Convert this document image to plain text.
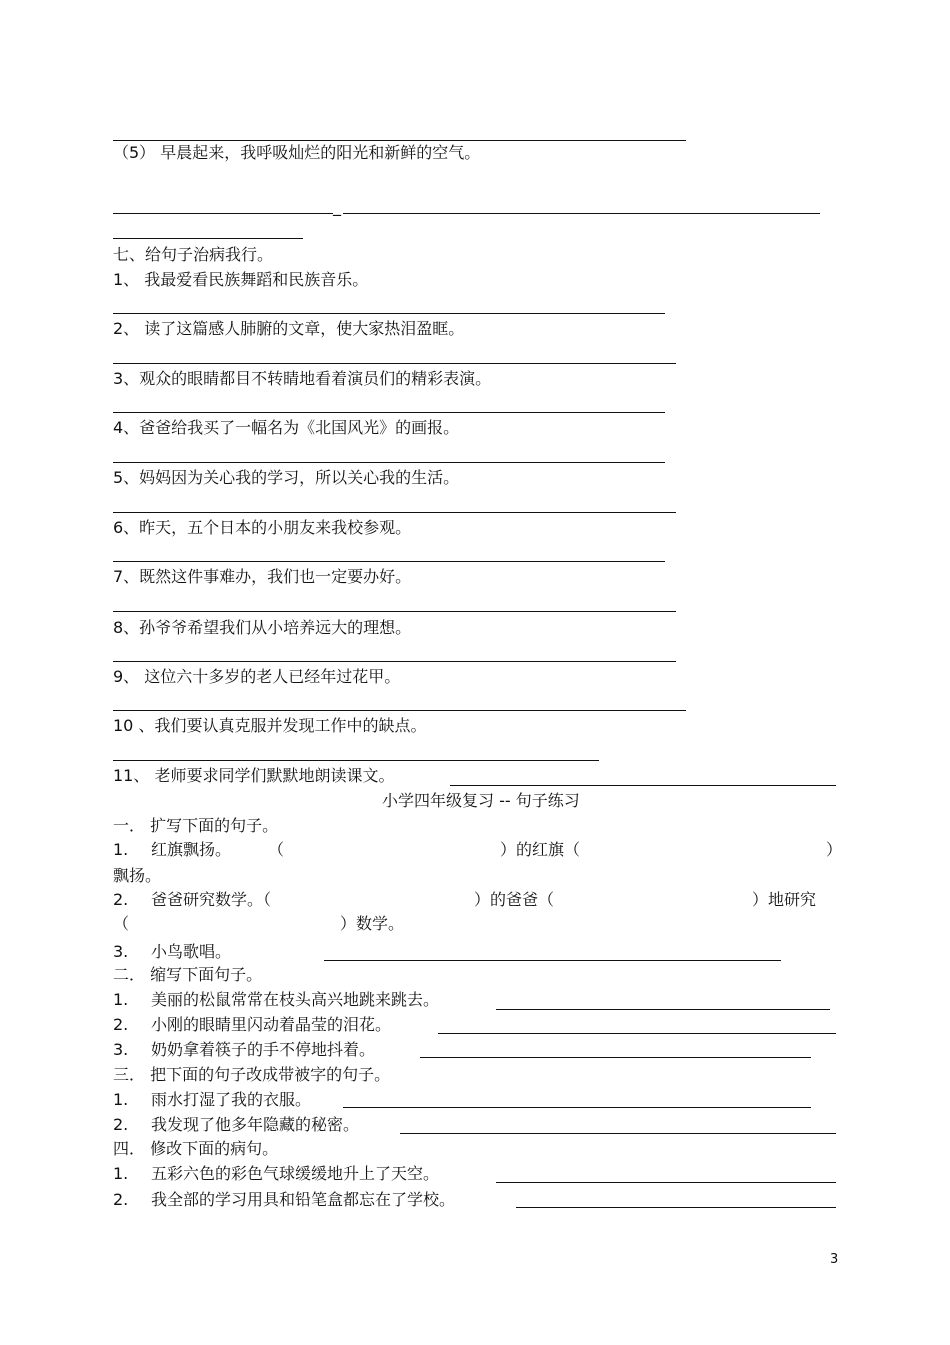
（5） 早晨起来，我呼吸灿烂的阳光和新鲜的空气。
_
七、给句子治病我行。
1、 我最爱看民族舞蹈和民族音乐。
2、 读了这篇感人肺腑的文章，使大家热泪盈眶。
3、观众的眼睛都目不转睛地看着演员们的精彩表演。
4、爸爸给我买了一幅名为《北国风光》的画报。
5、妈妈因为关心我的学习，所以关心我的生活。
6、昨天，五个日本的小朋友来我校参观。
7、既然这件事难办，我们也一定要办好。
8、孙爷爷希望我们从小培养远大的理想。
9、 这位六十多岁的老人已经年过花甲。
10 、我们要认真克服并发现工作中的缺点。
11、 老师要求同学们默默地朗读课文。
小学四年级复习 -- 句子练习
一． 扩写下面的句子。
1. 红旗飘扬。 （	）的红旗（	）
飘扬。
2. 爸爸研究数学。（	）的爸爸（	）地研究
（	）数学。
3. 小鸟歌唱。
二． 缩写下面句子。
1. 美丽的松鼠常常在枝头高兴地跳来跳去。
2. 小刚的眼睛里闪动着晶莹的泪花。
3. 奶奶拿着筷子的手不停地抖着。
三． 把下面的句子改成带被字的句子。
1. 雨水打湿了我的衣服。
2. 我发现了他多年隐藏的秘密。
四． 修改下面的病句。
1. 五彩六色的彩色气球缓缓地升上了天空。
2. 我全部的学习用具和铅笔盒都忘在了学校。
3
